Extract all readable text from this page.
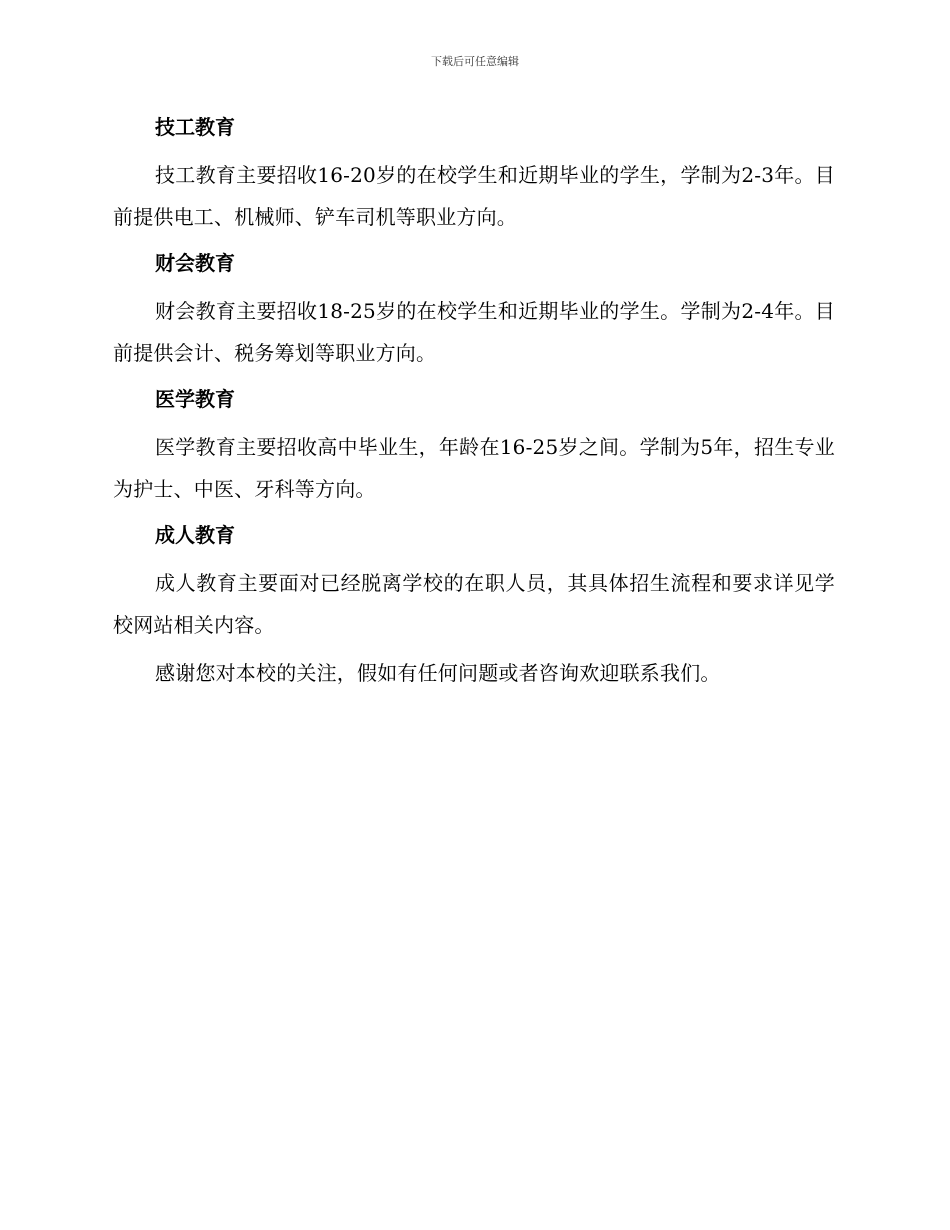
下载后可任意编辑
技工教育

技工教育主要招收16-20岁的在校学生和近期毕业的学生，学制为2-3年。目前提供电工、机械师、铲车司机等职业方向。

财会教育

财会教育主要招收18-25岁的在校学生和近期毕业的学生。学制为2-4年。目前提供会计、税务筹划等职业方向。

医学教育

医学教育主要招收高中毕业生，年龄在16-25岁之间。学制为5年，招生专业为护士、中医、牙科等方向。

成人教育

成人教育主要面对已经脱离学校的在职人员，其具体招生流程和要求详见学校网站相关内容。

感谢您对本校的关注，假如有任何问题或者咨询欢迎联系我们。
